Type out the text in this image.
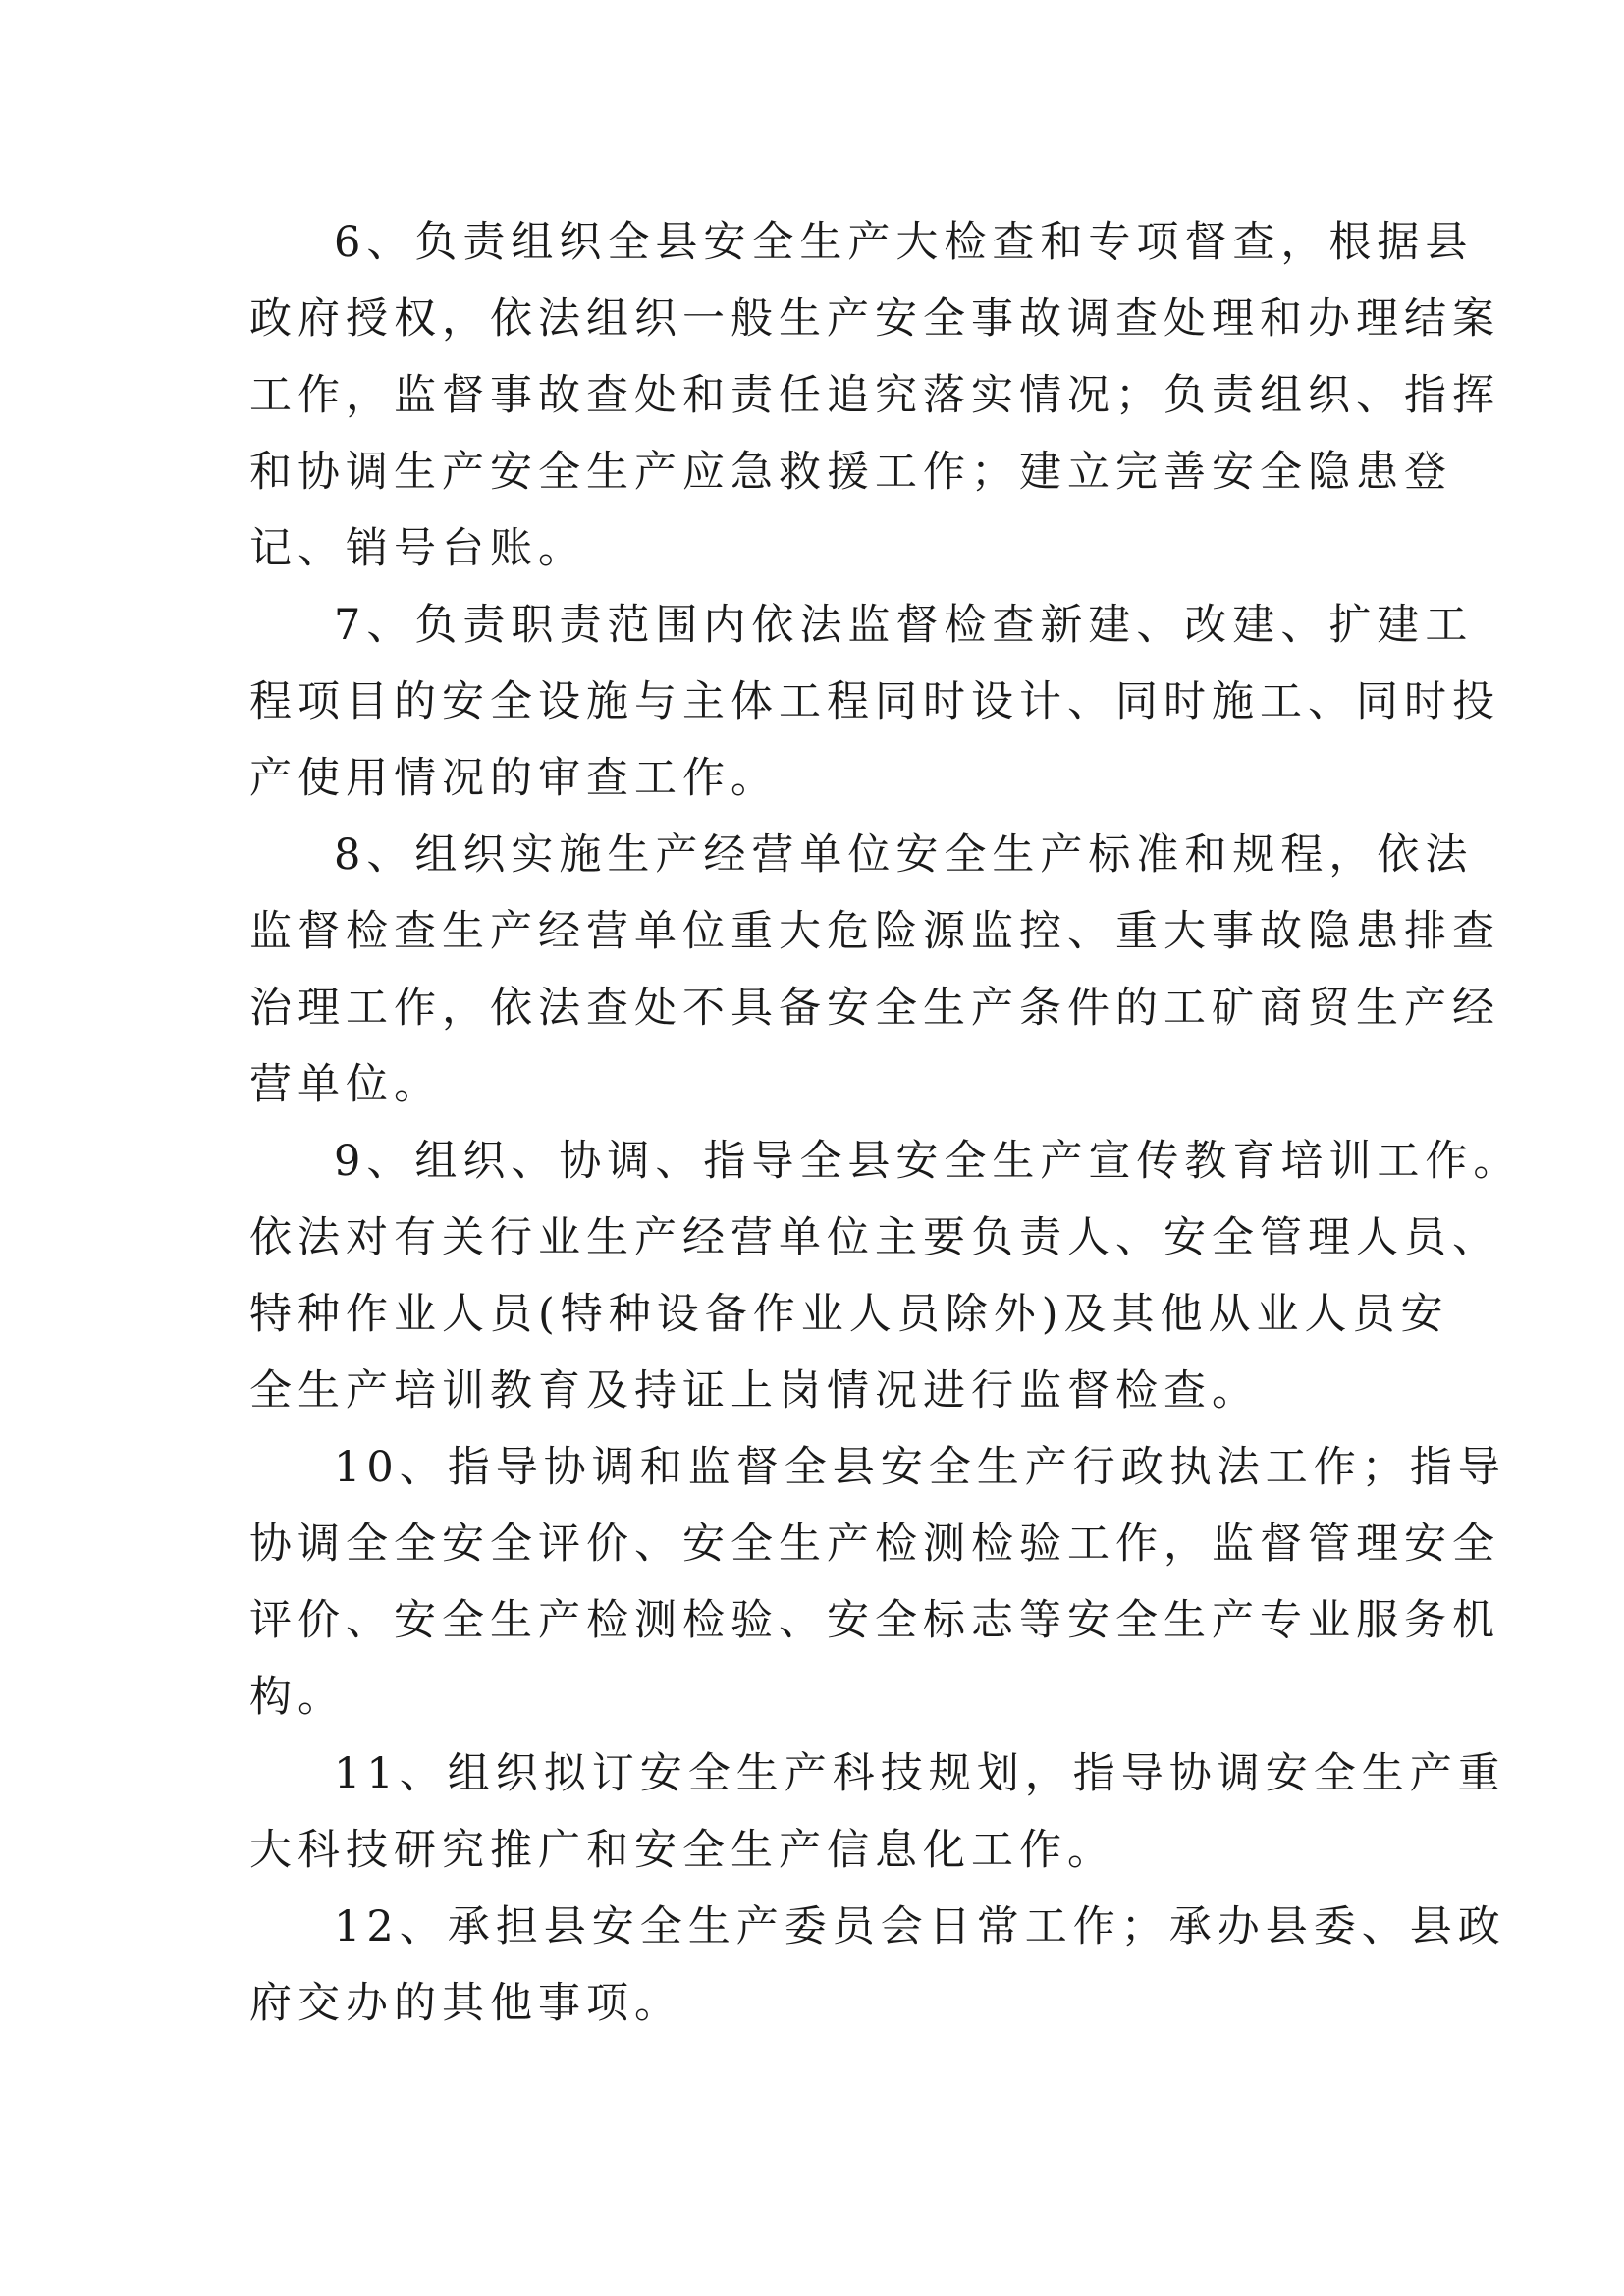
6、负责组织全县安全生产大检查和专项督查，根据县
政府授权，依法组织一般生产安全事故调查处理和办理结案
工作，监督事故查处和责任追究落实情况；负责组织、指挥
和协调生产安全生产应急救援工作；建立完善安全隐患登
记、销号台账。
7、负责职责范围内依法监督检查新建、改建、扩建工
程项目的安全设施与主体工程同时设计、同时施工、同时投
产使用情况的审查工作。
8、组织实施生产经营单位安全生产标准和规程，依法
监督检查生产经营单位重大危险源监控、重大事故隐患排查
治理工作，依法查处不具备安全生产条件的工矿商贸生产经
营单位。
9、组织、协调、指导全县安全生产宣传教育培训工作。
依法对有关行业生产经营单位主要负责人、安全管理人员、
特种作业人员(特种设备作业人员除外)及其他从业人员安
全生产培训教育及持证上岗情况进行监督检查。
10、指导协调和监督全县安全生产行政执法工作；指导
协调全全安全评价、安全生产检测检验工作，监督管理安全
评价、安全生产检测检验、安全标志等安全生产专业服务机
构。
11、组织拟订安全生产科技规划，指导协调安全生产重
大科技研究推广和安全生产信息化工作。
12、承担县安全生产委员会日常工作；承办县委、县政
府交办的其他事项。
